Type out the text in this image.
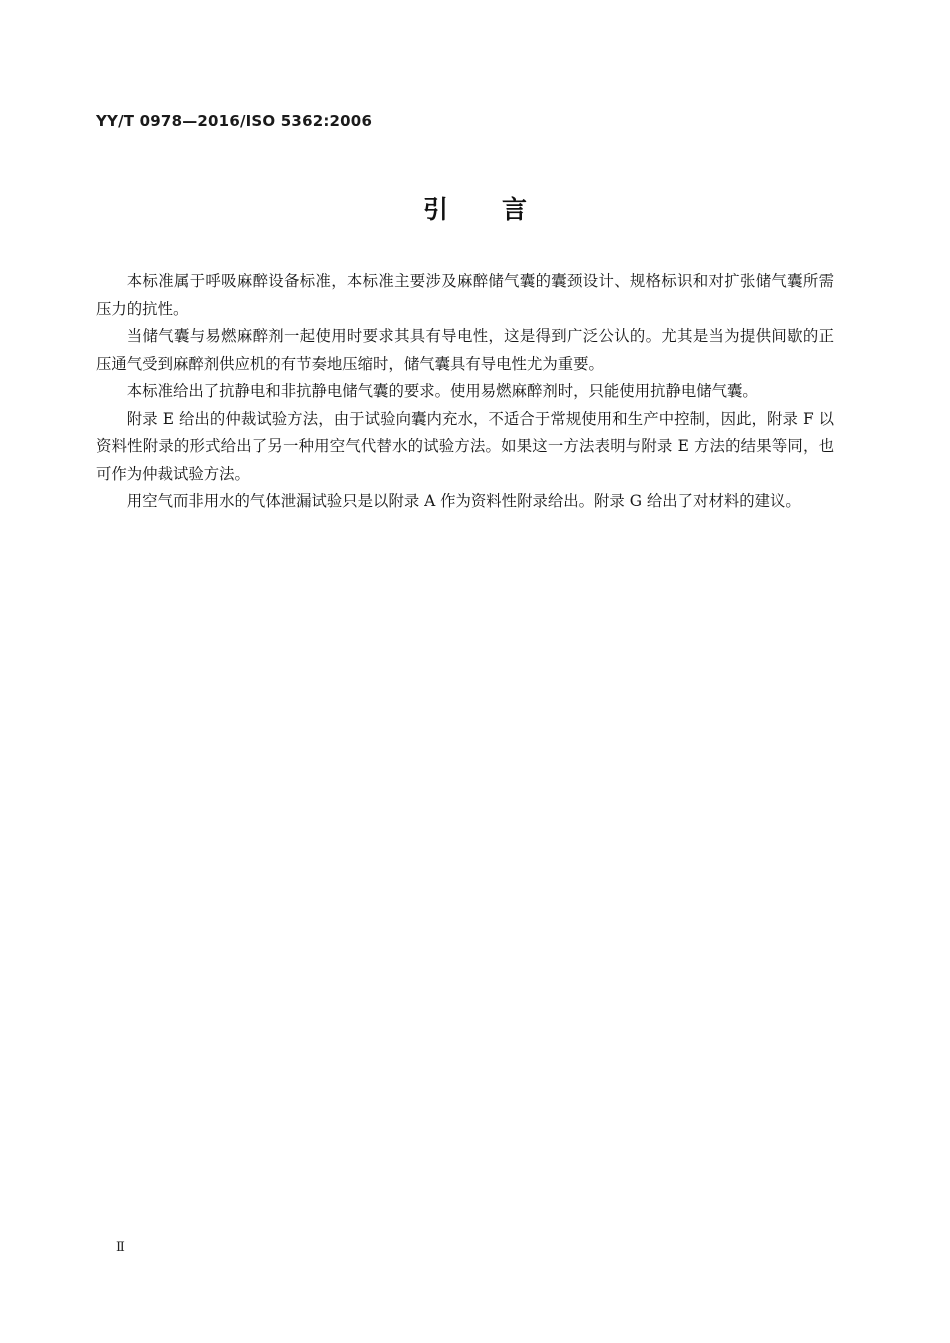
YY/T 0978—2016/ISO 5362:2006
引言

本标准属于呼吸麻醉设备标准，本标准主要涉及麻醉储气囊的囊颈设计、规格标识和对扩张储气囊所需压力的抗性。

当储气囊与易燃麻醉剂一起使用时要求其具有导电性，这是得到广泛公认的。尤其是当为提供间歇的正压通气受到麻醉剂供应机的有节奏地压缩时，储气囊具有导电性尤为重要。

本标准给出了抗静电和非抗静电储气囊的要求。使用易燃麻醉剂时，只能使用抗静电储气囊。

附录 E 给出的仲裁试验方法，由于试验向囊内充水，不适合于常规使用和生产中控制，因此，附录 F 以资料性附录的形式给出了另一种用空气代替水的试验方法。如果这一方法表明与附录 E 方法的结果等同，也可作为仲裁试验方法。

用空气而非用水的气体泄漏试验只是以附录 A 作为资料性附录给出。附录 G 给出了对材料的建议。

Ⅱ
